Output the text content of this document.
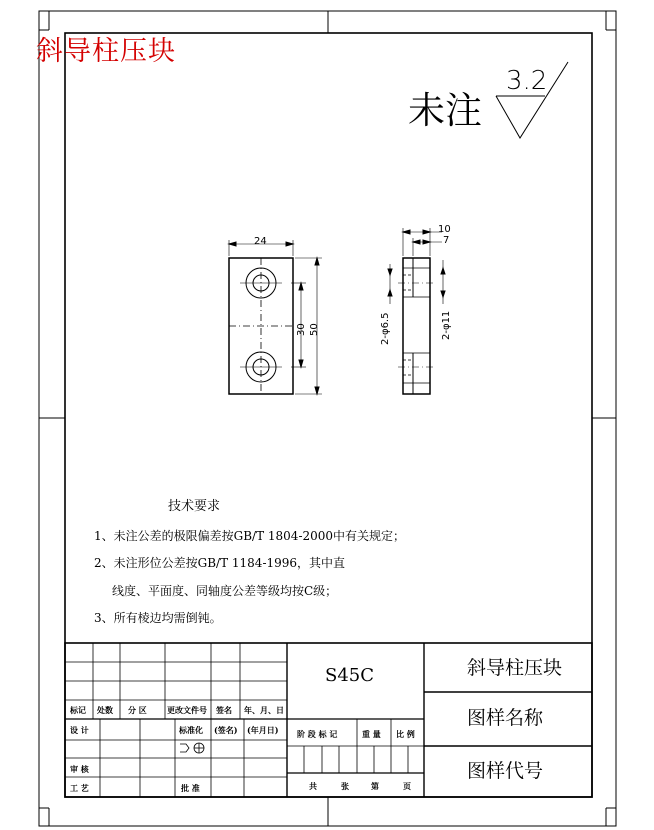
斜导柱压块
未注
3.2
24
30 50
10
7
2-φ6.5	2-φ11
技术要求
1、未注公差的极限偏差按GB/T 1804-2000中有关规定；
2、未注形位公差按GB/T 1184-1996，其中直
线度、平面度、同轴度公差等级均按C级；
3、所有棱边均需倒钝。
S45C	斜导柱压块
图样名称
图样代号
标记 处数 分 区	更改文件号 签名 年、月、日
设 计	标准化 (签名) (年月日)
审 核
工 艺	批 准
阶 段 标 记	重 量 比 例
共	张	第	页
